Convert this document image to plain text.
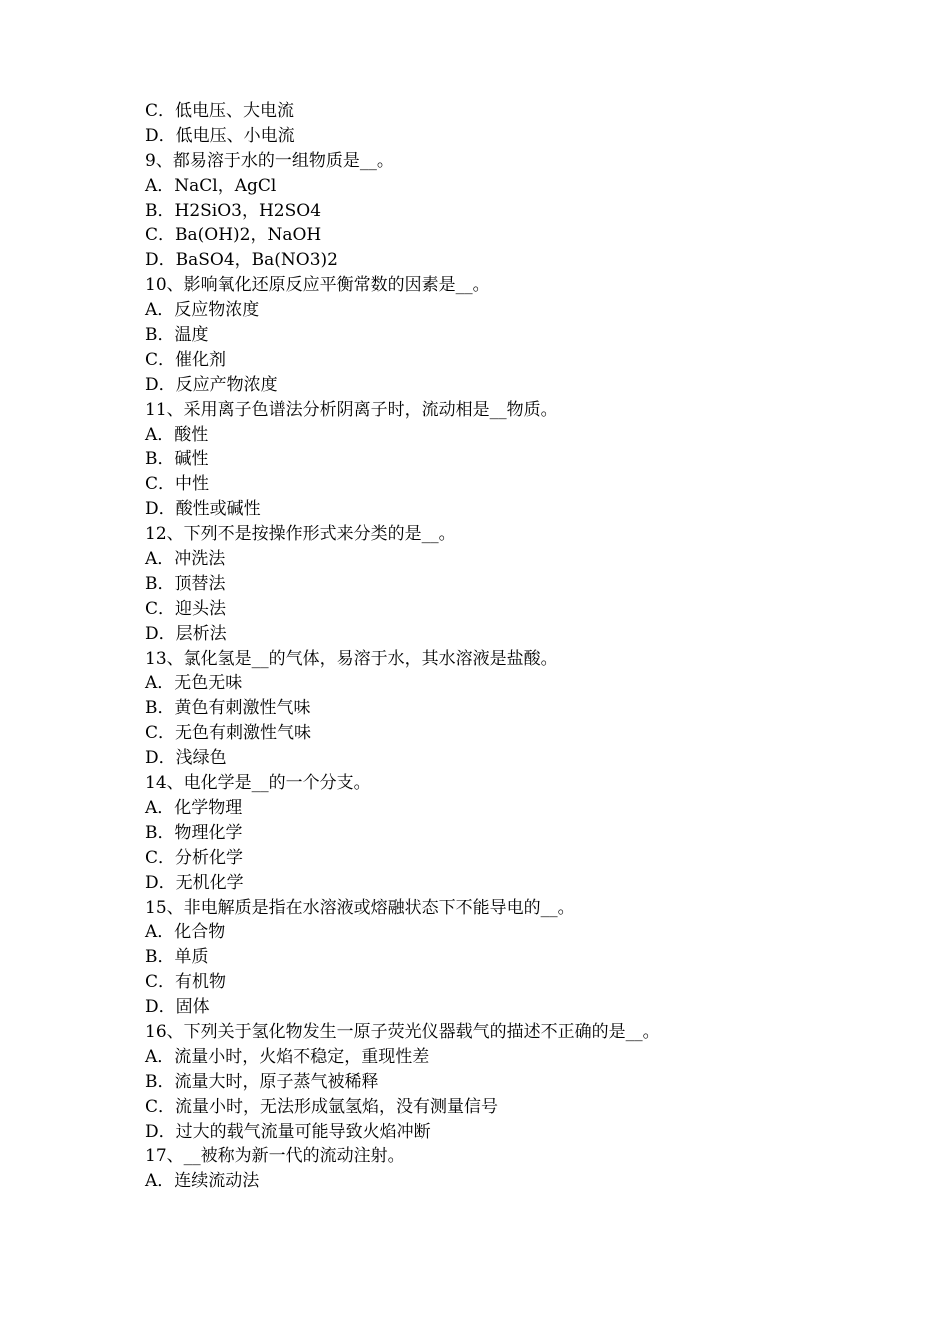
C．低电压、大电流
D．低电压、小电流
9、都易溶于水的一组物质是__。
A．NaCl，AgCl
B．H2SiO3，H2SO4
C．Ba(OH)2，NaOH
D．BaSO4，Ba(NO3)2
10、影响氧化还原反应平衡常数的因素是__。
A．反应物浓度
B．温度
C．催化剂
D．反应产物浓度
11、采用离子色谱法分析阴离子时，流动相是__物质。
A．酸性
B．碱性
C．中性
D．酸性或碱性
12、下列不是按操作形式来分类的是__。
A．冲洗法
B．顶替法
C．迎头法
D．层析法
13、氯化氢是__的气体，易溶于水，其水溶液是盐酸。
A．无色无味
B．黄色有刺激性气味
C．无色有刺激性气味
D．浅绿色
14、电化学是__的一个分支。
A．化学物理
B．物理化学
C．分析化学
D．无机化学
15、非电解质是指在水溶液或熔融状态下不能导电的__。
A．化合物
B．单质
C．有机物
D．固体
16、下列关于氢化物发生一原子荧光仪器载气的描述不正确的是__。
A．流量小时，火焰不稳定，重现性差
B．流量大时，原子蒸气被稀释
C．流量小时，无法形成氩氢焰，没有测量信号
D．过大的载气流量可能导致火焰冲断
17、__被称为新一代的流动注射。
A．连续流动法
